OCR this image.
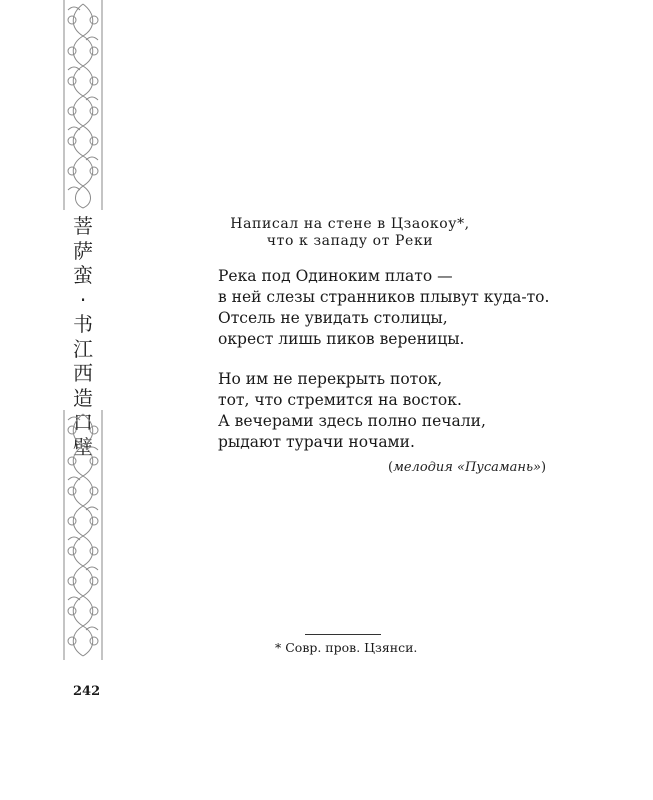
菩
萨
蛮
·
书
江
西
造
口
壁
Написал на стене в Цзаокоу*,
что к западу от Реки

Река под Одиноким плато —

в ней слезы странников плывут куда-то.

Отсель не увидать столицы,

окрест лишь пиков вереницы.

Но им не перекрыть поток,

тот, что стремится на восток.

А вечерами здесь полно печали,

рыдают турачи ночами.

(мелодия «Пусамань»)
* Совр. пров. Цзянси.
242
